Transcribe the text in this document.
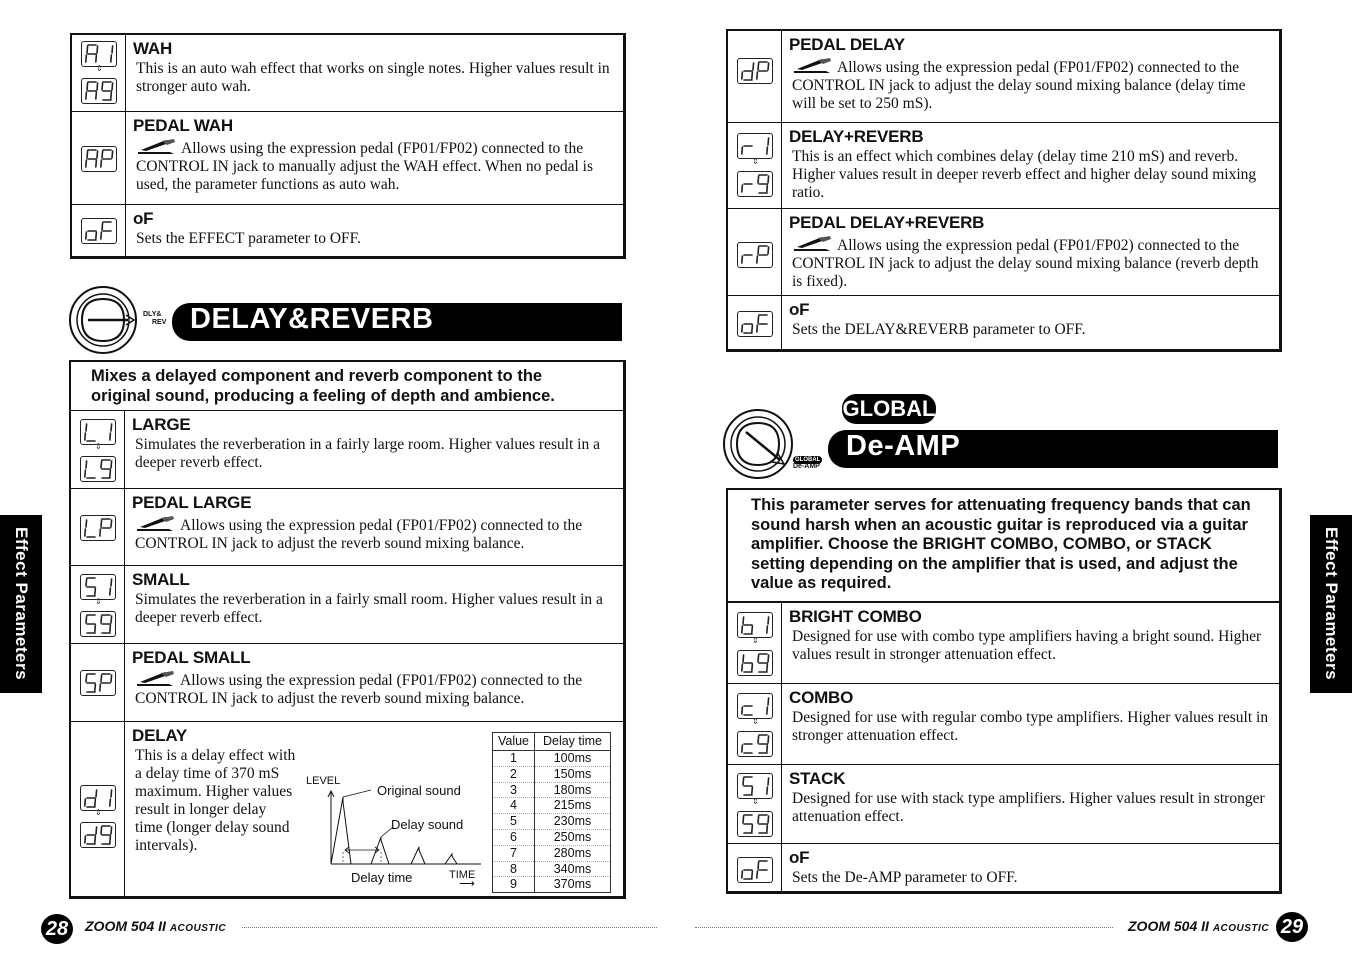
⇕
WAH
This is an auto wah effect that works on single notes. Higher values result in stronger auto wah.
PEDAL WAH
Allows using the expression pedal (FP01/FP02) connected to the CONTROL IN jack to manually adjust the WAH effect. When no pedal is used, the parameter functions as auto wah.
oF
Sets the EFFECT parameter to OFF.
DLY&
REV DELAY&REVERB
Mixes a delayed component and reverb component to the original sound, producing a feeling of depth and ambience.
⇕
LARGE
Simulates the reverberation in a fairly large room. Higher values result in a deeper reverb effect.
PEDAL LARGE
Allows using the expression pedal (FP01/FP02) connected to the CONTROL IN jack to adjust the reverb sound mixing balance.
⇕
SMALL
Simulates the reverberation in a fairly small room. Higher values result in a deeper reverb effect.
PEDAL SMALL
Allows using the expression pedal (FP01/FP02) connected to the CONTROL IN jack to adjust the reverb sound mixing balance.
⇕
DELAY
This is a delay effect with a delay time of 370 mS maximum. Higher values result in longer delay time (longer delay sound intervals).
LEVEL
Original sound
Delay sound
Delay time	TIME
⟶
Value	Delay time
1	100ms
2	150ms
3	180ms
4	215ms
5	230ms
6	250ms
7	280ms
8	340ms
9	370ms
Effect Parameters
28	ZOOM 504 II ACOUSTIC
PEDAL DELAY
Allows using the expression pedal (FP01/FP02) connected to the CONTROL IN jack to adjust the delay sound mixing balance (delay time will be set to 250 mS).
⇕
DELAY+REVERB
This is an effect which combines delay (delay time 210 mS) and reverb. Higher values result in deeper reverb effect and higher delay sound mixing ratio.
PEDAL DELAY+REVERB
Allows using the expression pedal (FP01/FP02) connected to the CONTROL IN jack to adjust the delay sound mixing balance (reverb depth is fixed).
oF
Sets the DELAY&REVERB parameter to OFF.
GLOBAL
GLOBAL
De-AMP
De-AMP
This parameter serves for attenuating frequency bands that can sound harsh when an acoustic guitar is reproduced via a guitar amplifier. Choose the BRIGHT COMBO, COMBO, or STACK setting depending on the amplifier that is used, and adjust the value as required.
⇕
BRIGHT COMBO
Designed for use with combo type amplifiers having a bright sound. Higher values result in stronger attenuation effect.
⇕
COMBO
Designed for use with regular combo type amplifiers. Higher values result in stronger attenuation effect.
⇕
STACK
Designed for use with stack type amplifiers. Higher values result in stronger attenuation effect.
oF
Sets the De-AMP parameter to OFF.
Effect Parameters
ZOOM 504 II ACOUSTIC 29
